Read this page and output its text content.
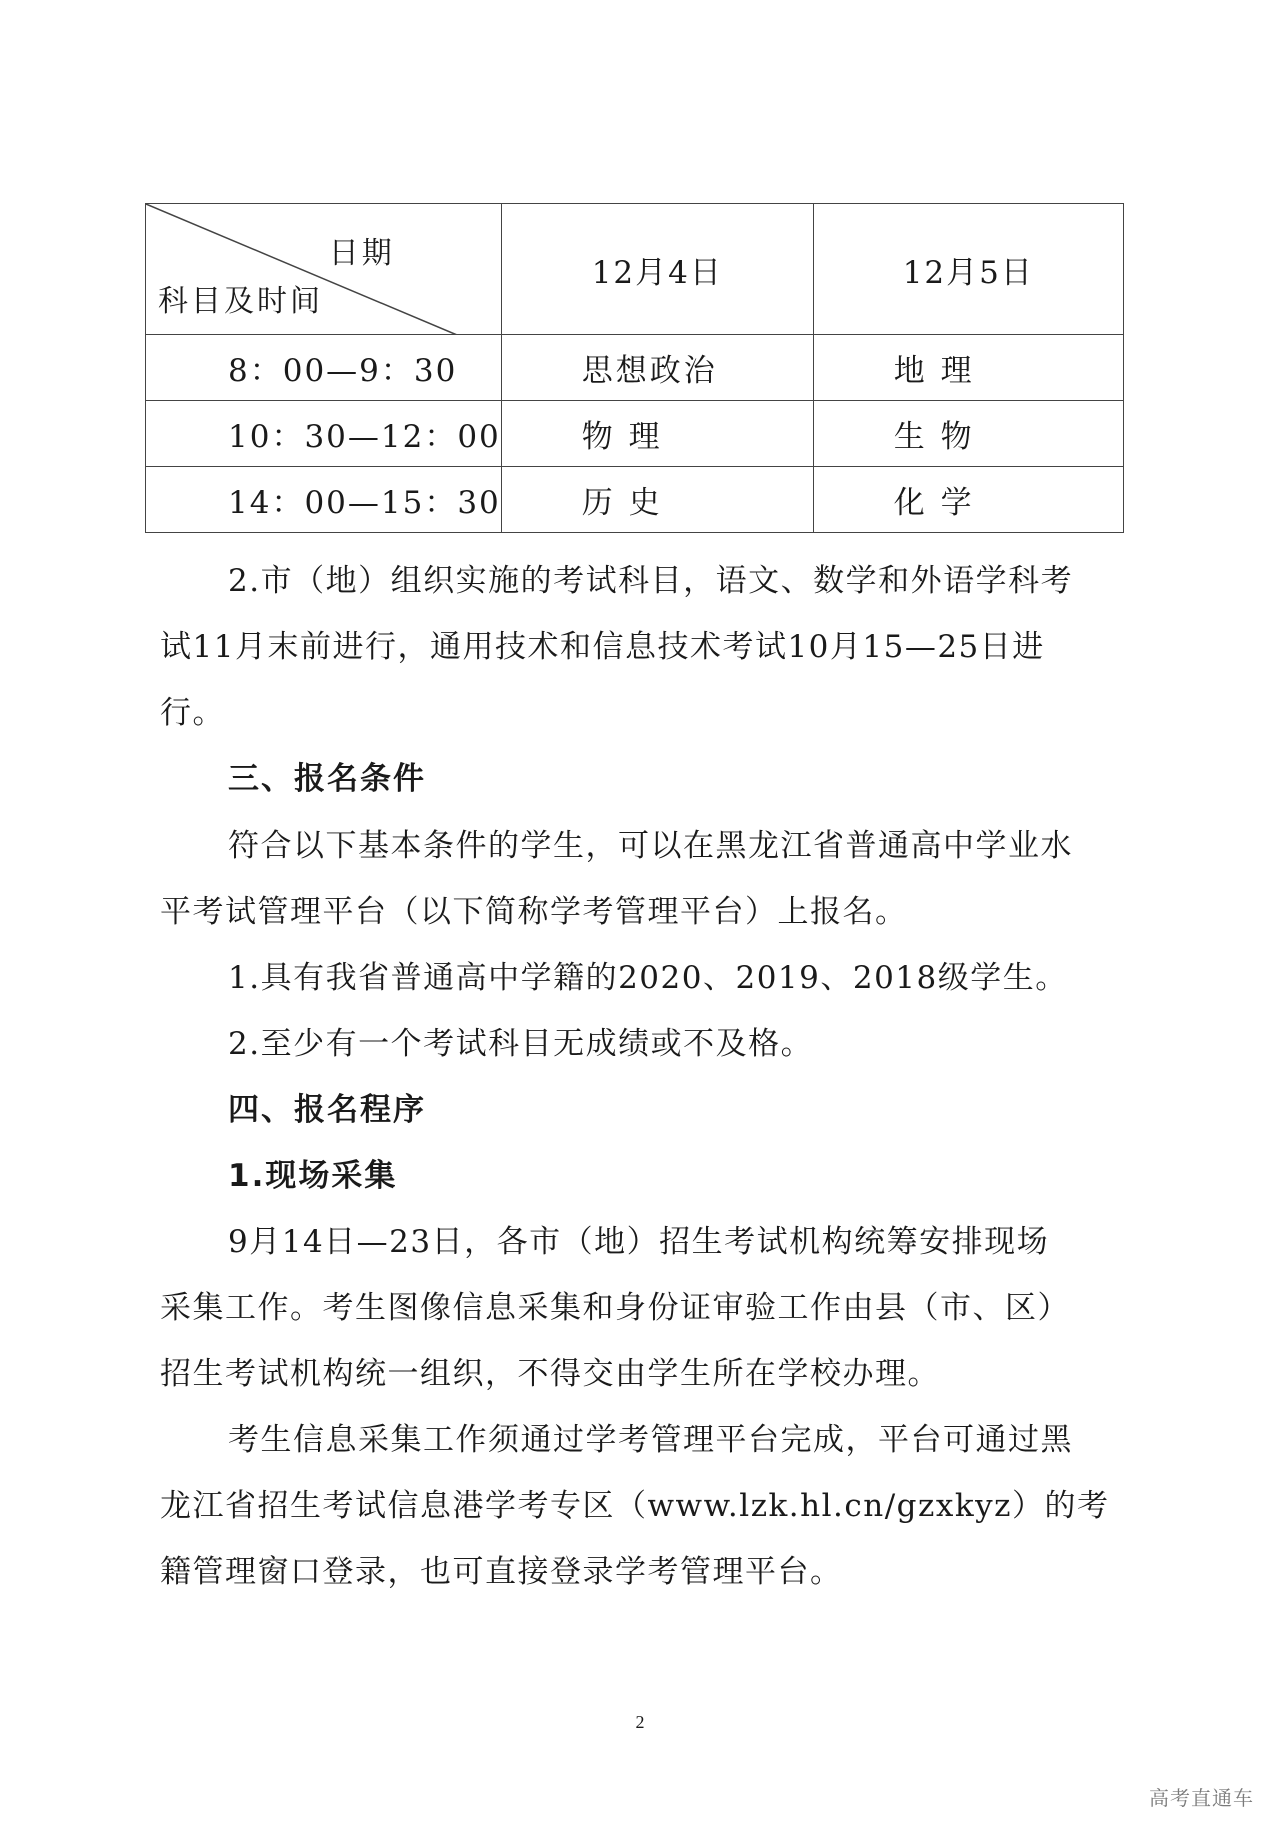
日期
科目及时间	12月4日	12月5日
8：00—9：30	思想政治	地 理
10：30—12：00	物 理	生 物
14：00—15：30	历 史	化 学
2.市（地）组织实施的考试科目，语文、数学和外语学科考
试11月末前进行，通用技术和信息技术考试10月15—25日进
行。
三、报名条件
符合以下基本条件的学生，可以在黑龙江省普通高中学业水
平考试管理平台（以下简称学考管理平台）上报名。
1.具有我省普通高中学籍的2020、2019、2018级学生。
2.至少有一个考试科目无成绩或不及格。
四、报名程序
1.现场采集
9月14日—23日，各市（地）招生考试机构统筹安排现场
采集工作。考生图像信息采集和身份证审验工作由县（市、区）
招生考试机构统一组织，不得交由学生所在学校办理。
考生信息采集工作须通过学考管理平台完成，平台可通过黑
龙江省招生考试信息港学考专区（www.lzk.hl.cn/gzxkyz）的考
籍管理窗口登录，也可直接登录学考管理平台。
2
高考直通车
